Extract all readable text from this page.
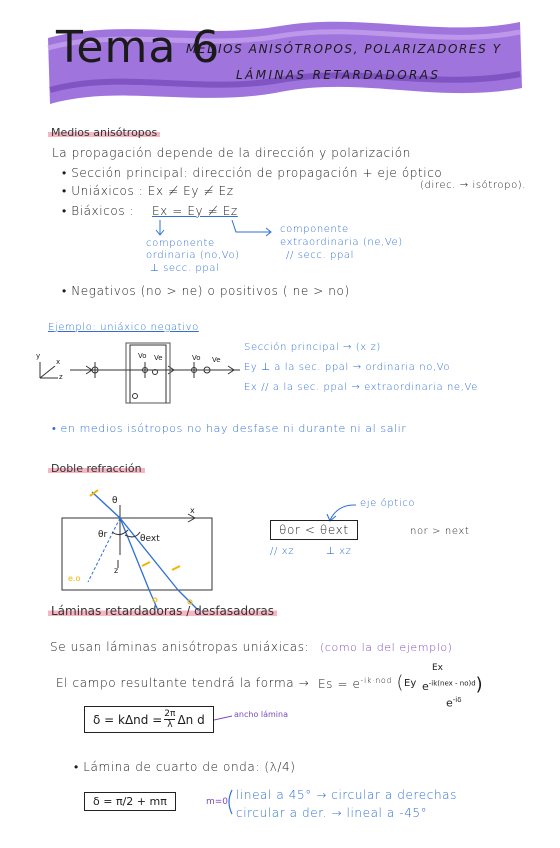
Tema 6
MEDIOS ANISÓTROPOS, POLARIZADORES Y
LÁMINAS RETARDADORAS
Medios anisótropos
La propagación depende de la dirección y polarización
• Sección principal: dirección de propagación + eje óptico
(direc. → isótropo).
• Uniáxicos : Ex ≠ Ey ≠ Ez
• Biáxicos : Ex = Ey ≠ Ez
componente
ordinaria (no,Vo)
⊥ secc. ppal
componente
extraordinaria (ne,Ve)
// secc. ppal
• Negativos (no > ne) o positivos ( ne > no)
Ejemplo: uniáxico negativo
y
x
z
Vo Ve	Vo Ve
Sección principal → (x z)
Ey ⊥ a la sec. ppal → ordinaria no,Vo
Ex // a la sec. ppal → extraordinaria ne,Ve
• en medios isótropos no hay desfase ni durante ni al salir
Doble refracción
θ
θr	θext
x
z
e.o
eje óptico
θor < θext
// xz	⊥ xz
nor > next
Láminas retardadoras / desfasadoras
Se usan láminas anisótropas uniáxicas: (como la del ejemplo)
El campo resultante tendrá la forma → $Es = e^{-ik\cdot nod}$ (
Ex
Ey $e^{-ik(nex - no)d}$)
$e^{-i\delta}$
$\delta = k\Delta nd = \frac{2\pi}{\lambda}$ Δn d	ancho lámina
• Lámina de cuarto de onda: (λ/4)
δ = π/2 + mπ	m=0 lineal a 45° → circular a derechas
circular a der. → lineal a -45°
